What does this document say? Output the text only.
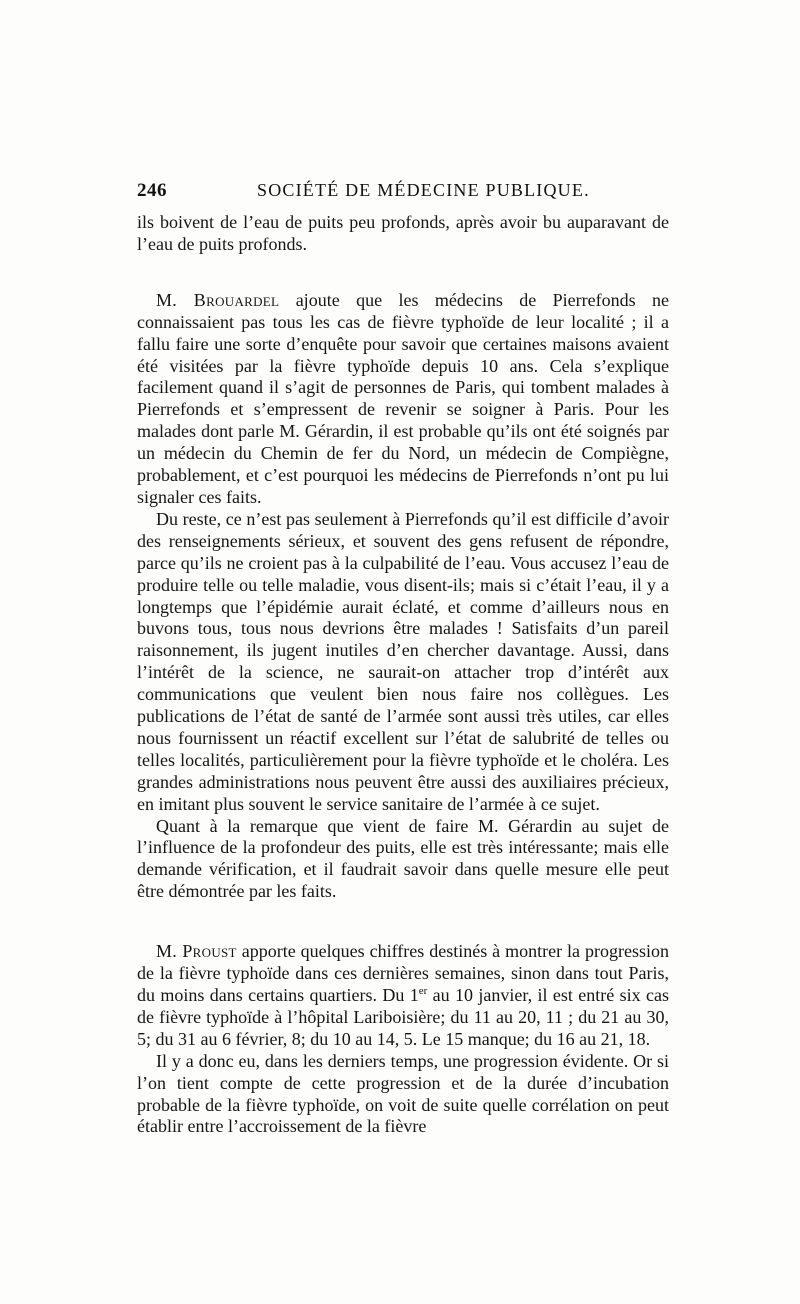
246	SOCIÉTÉ DE MÉDECINE PUBLIQUE.

ils boivent de l’eau de puits peu profonds, après avoir bu auparavant de l’eau de puits profonds.

M. Brouardel ajoute que les médecins de Pierrefonds ne connaissaient pas tous les cas de fièvre typhoïde de leur localité ; il a fallu faire une sorte d’enquête pour savoir que certaines maisons avaient été visitées par la fièvre typhoïde depuis 10 ans. Cela s’explique facilement quand il s’agit de personnes de Paris, qui tombent malades à Pierrefonds et s’empressent de revenir se soigner à Paris. Pour les malades dont parle M. Gérardin, il est probable qu’ils ont été soignés par un médecin du Chemin de fer du Nord, un médecin de Compiègne, probablement, et c’est pourquoi les médecins de Pierrefonds n’ont pu lui signaler ces faits.

Du reste, ce n’est pas seulement à Pierrefonds qu’il est difficile d’avoir des renseignements sérieux, et souvent des gens refusent de répondre, parce qu’ils ne croient pas à la culpabilité de l’eau. Vous accusez l’eau de produire telle ou telle maladie, vous disent-ils; mais si c’était l’eau, il y a longtemps que l’épidémie aurait éclaté, et comme d’ailleurs nous en buvons tous, tous nous devrions être malades ! Satisfaits d’un pareil raisonnement, ils jugent inutiles d’en chercher davantage. Aussi, dans l’intérêt de la science, ne saurait-on attacher trop d’intérêt aux communications que veulent bien nous faire nos collègues. Les publications de l’état de santé de l’armée sont aussi très utiles, car elles nous fournissent un réactif excellent sur l’état de salubrité de telles ou telles localités, particulièrement pour la fièvre typhoïde et le choléra. Les grandes administrations nous peuvent être aussi des auxiliaires précieux, en imitant plus souvent le service sanitaire de l’armée à ce sujet.

Quant à la remarque que vient de faire M. Gérardin au sujet de l’influence de la profondeur des puits, elle est très intéressante; mais elle demande vérification, et il faudrait savoir dans quelle mesure elle peut être démontrée par les faits.

M. Proust apporte quelques chiffres destinés à montrer la progression de la fièvre typhoïde dans ces dernières semaines, sinon dans tout Paris, du moins dans certains quartiers. Du 1er au 10 janvier, il est entré six cas de fièvre typhoïde à l’hôpital Lariboisière; du 11 au 20, 11 ; du 21 au 30, 5; du 31 au 6 février, 8; du 10 au 14, 5. Le 15 manque; du 16 au 21, 18.

Il y a donc eu, dans les derniers temps, une progression évidente. Or si l’on tient compte de cette progression et de la durée d’incubation probable de la fièvre typhoïde, on voit de suite quelle corrélation on peut établir entre l’accroissement de la fièvre
